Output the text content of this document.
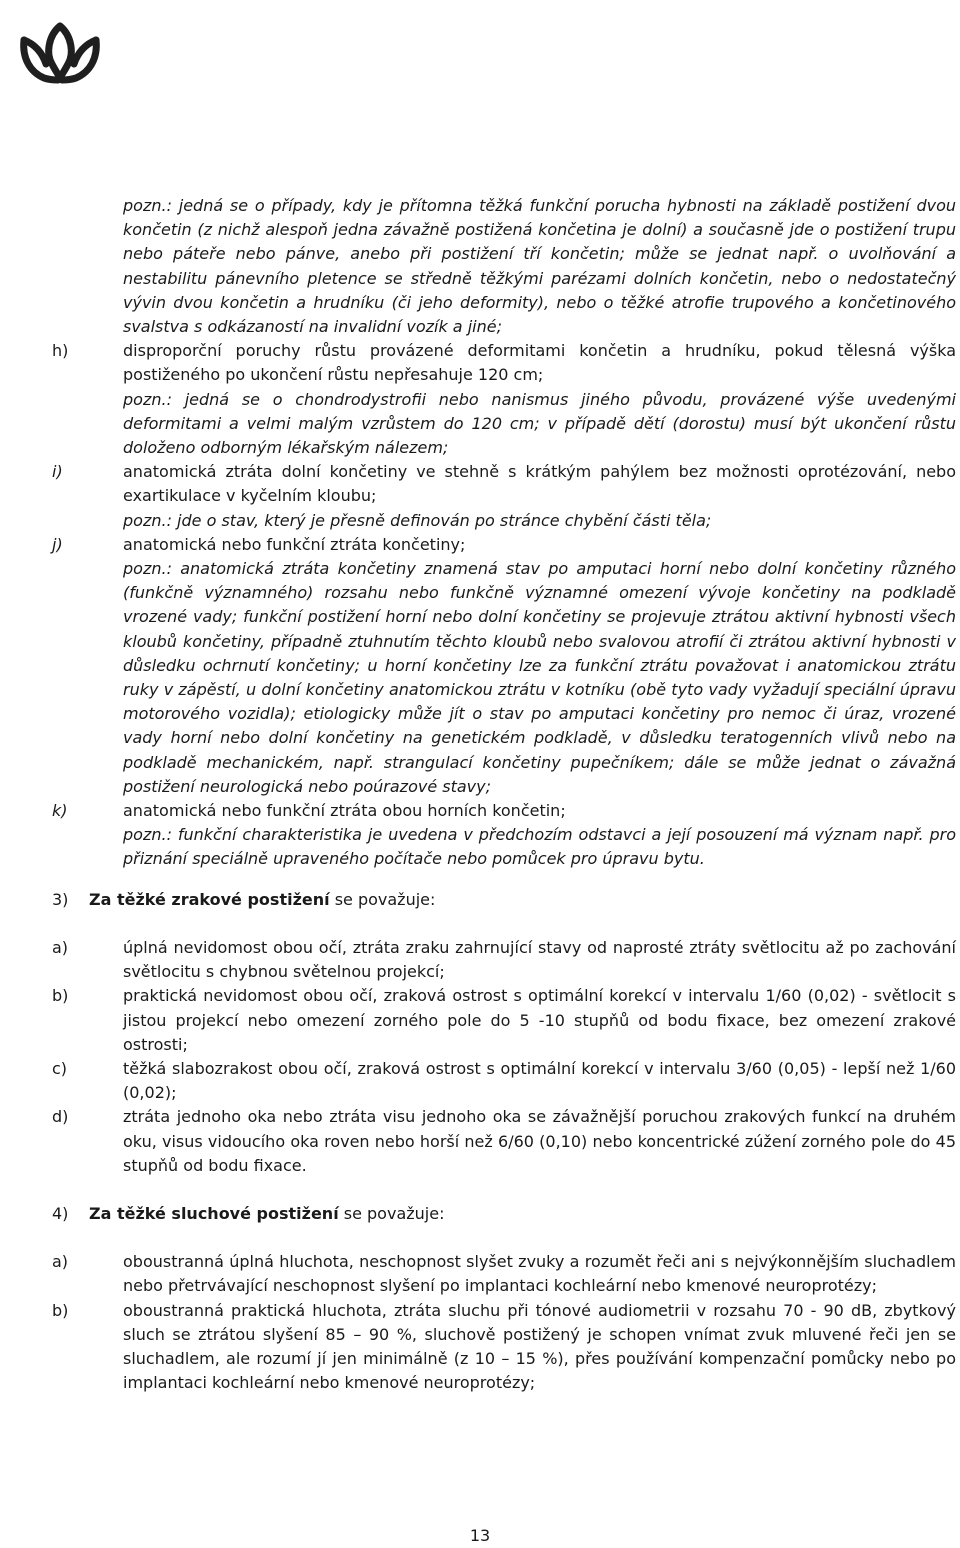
pozn.: jedná se o případy, kdy je přítomna těžká funkční porucha hybnosti na základě postižení dvou končetin (z nichž alespoň jedna závažně postižená končetina je dolní) a současně jde o postižení trupu nebo páteře nebo pánve, anebo při postižení tří končetin; může se jednat např. o uvolňování a nestabilitu pánevního pletence se středně těžkými parézami dolních končetin, nebo o nedostatečný vývin dvou končetin a hrudníku (či jeho deformity), nebo o těžké atrofie trupového a končetinového svalstva s odkázaností na invalidní vozík a jiné;
h)	disproporční poruchy růstu provázené deformitami končetin a hrudníku, pokud tělesná výška postiženého po ukončení růstu nepřesahuje 120 cm;
pozn.: jedná se o chondrodystrofii nebo nanismus jiného původu, provázené výše uvedenými deformitami a velmi malým vzrůstem do 120 cm; v případě dětí (dorostu) musí být ukončení růstu doloženo odborným lékařským nálezem;
i)	anatomická ztráta dolní končetiny ve stehně s krátkým pahýlem bez možnosti oprotézování, nebo exartikulace v kyčelním kloubu;
pozn.: jde o stav, který je přesně definován po stránce chybění části těla;
j)	anatomická nebo funkční ztráta končetiny;
pozn.: anatomická ztráta končetiny znamená stav po amputaci horní nebo dolní končetiny různého (funkčně významného) rozsahu nebo funkčně významné omezení vývoje končetiny na podkladě vrozené vady; funkční postižení horní nebo dolní končetiny se projevuje ztrátou aktivní hybnosti všech kloubů končetiny, případně ztuhnutím těchto kloubů nebo svalovou atrofií či ztrátou aktivní hybnosti v důsledku ochrnutí končetiny; u horní končetiny lze za funkční ztrátu považovat i anatomickou ztrátu ruky v zápěstí, u dolní končetiny anatomickou ztrátu v kotníku (obě tyto vady vyžadují speciální úpravu motorového vozidla); etiologicky může jít o stav po amputaci končetiny pro nemoc či úraz, vrozené vady horní nebo dolní končetiny na genetickém podkladě, v důsledku teratogenních vlivů nebo na podkladě mechanickém, např. strangulací končetiny pupečníkem; dále se může jednat o závažná postižení neurologická nebo poúrazové stavy;
k)	anatomická nebo funkční ztráta obou horních končetin;
pozn.: funkční charakteristika je uvedena v předchozím odstavci a její posouzení má význam např. pro přiznání speciálně upraveného počítače nebo pomůcek pro úpravu bytu.
3)	Za těžké zrakové postižení se považuje:
a)	úplná nevidomost obou očí, ztráta zraku zahrnující stavy od naprosté ztráty světlocitu až po zachování světlocitu s chybnou světelnou projekcí;
b)	praktická nevidomost obou očí, zraková ostrost s optimální korekcí v intervalu 1/60 (0,02) - světlocit s jistou projekcí nebo omezení zorného pole do 5 -10 stupňů od bodu fixace, bez omezení zrakové ostrosti;
c)	těžká slabozrakost obou očí, zraková ostrost s optimální korekcí v intervalu 3/60 (0,05) - lepší než 1/60 (0,02);
d)	ztráta jednoho oka nebo ztráta visu jednoho oka se závažnější poruchou zrakových funkcí na druhém oku, visus vidoucího oka roven nebo horší než 6/60 (0,10) nebo koncentrické zúžení zorného pole do 45 stupňů od bodu fixace.
4)	Za těžké sluchové postižení se považuje:
a)	oboustranná úplná hluchota, neschopnost slyšet zvuky a rozumět řeči ani s nejvýkonnějším sluchadlem nebo přetrvávající neschopnost slyšení po implantaci kochleární nebo kmenové neuroprotézy;
b)	oboustranná praktická hluchota, ztráta sluchu při tónové audiometrii v rozsahu 70 - 90 dB, zbytkový sluch se ztrátou slyšení 85 – 90 %, sluchově postižený je schopen vnímat zvuk mluvené řeči jen se sluchadlem, ale rozumí jí jen minimálně (z 10 – 15 %), přes používání kompenzační pomůcky nebo po implantaci kochleární nebo kmenové neuroprotézy;
13
